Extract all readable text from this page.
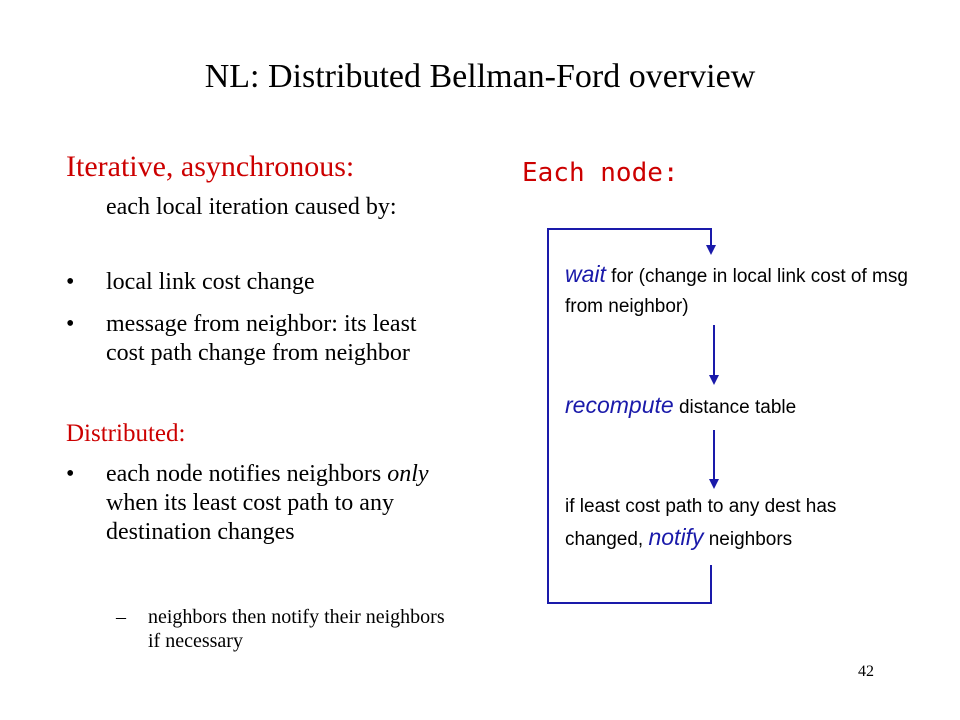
NL: Distributed Bellman-Ford overview
Iterative, asynchronous:
each local iteration caused by:
• local link cost change
• message from neighbor: its least cost path change from neighbor
Distributed:
• each node notifies neighbors only when its least cost path to any destination changes
– neighbors then notify their neighbors if necessary
Each node:
wait for (change in local link cost of msg from neighbor)
recompute distance table
if least cost path to any dest has changed, notify neighbors
42
